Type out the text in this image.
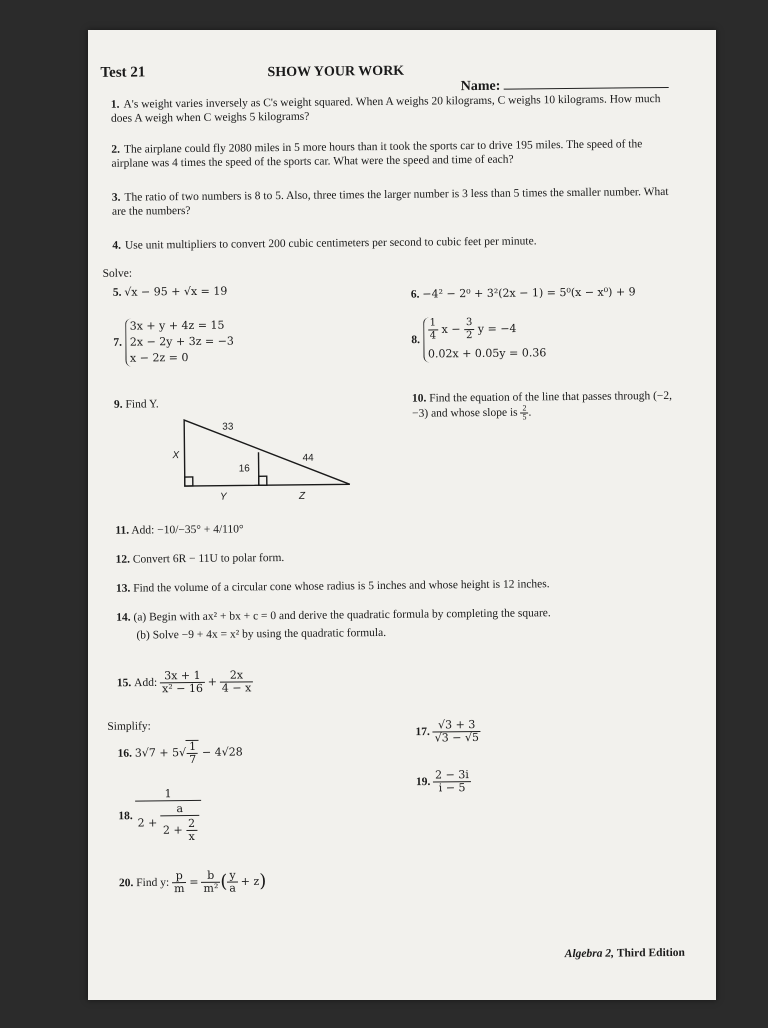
Test 21	SHOW YOUR WORK
Name:
1. A's weight varies inversely as C's weight squared. When A weighs 20 kilograms, C weighs 10 kilograms. How much does A weigh when C weighs 5 kilograms?
2. The airplane could fly 2080 miles in 5 more hours than it took the sports car to drive 195 miles. The speed of the airplane was 4 times the speed of the sports car. What were the speed and time of each?
3. The ratio of two numbers is 8 to 5. Also, three times the larger number is 3 less than 5 times the smaller number. What are the numbers?
4. Use unit multipliers to convert 200 cubic centimeters per second to cubic feet per minute.
Solve:
5. √x − 95 + √x = 19	6. −4² − 2⁰ + 3²(2x − 1) = 5⁰(x − x⁰) + 9
7.
3x + y + 4z = 15
2x − 2y + 3z = −3
x − 2z = 0
8. $\frac{1}{4}$ $x - \frac{3}{2}$ y = −4
0.02x + 0.05y = 0.36
9. Find Y.
33
X
16
44
Y	Z
10. Find the equation of the line that passes through (−2, −3) and whose slope is $\frac{2}{5}$ .
11. Add: −10/−35° + 4/110°
12. Convert 6R − 11U to polar form.
13. Find the volume of a circular cone whose radius is 5 inches and whose height is 12 inches.
14. (a) Begin with ax² + bx + c = 0 and derive the quadratic formula by completing the square.
(b) Solve −9 + 4x = x² by using the quadratic formula.
15. Add: $\frac{3x + 1}{\text{x² − 16}} + \frac{2x}{4 - x}$
Simplify:
16. $3√7 + 5√ \frac{1}{7} - 4√28$
17. $\frac{√3 + 3}{√3 - √5}$
19. $\frac{2 - 3i}{i - 5}$
18.
1
$2 + \frac{a}{2 + \frac{2}{x}}$
20. Find y: $\frac{p}{m} = \frac{b}{\text{m²}}$ ( $\frac{y}{a} + z$)
Algebra 2, Third Edition
